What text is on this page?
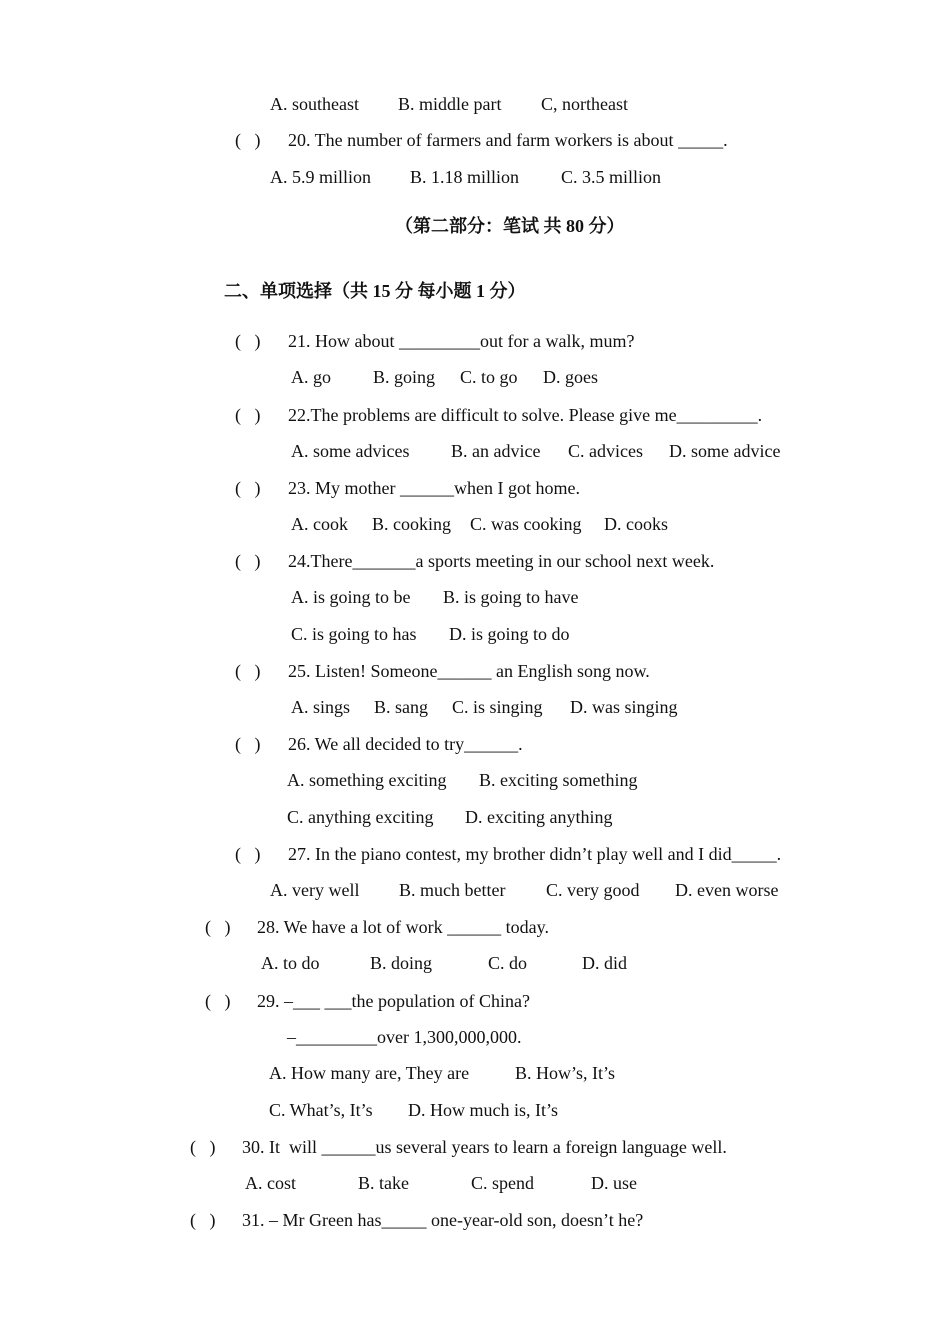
A. southeast B. middle part C, northeast
(   ) 20. The number of farmers and farm workers is about _____.
A. 5.9 million B. 1.18 million C. 3.5 million
（第二部分：笔试 共 80 分）
二、单项选择（共 15 分 每小题 1 分）
(   ) 21. How about _________out for a walk, mum?
A. go B. going C. to go D. goes
(   ) 22.The problems are difficult to solve. Please give me_________.
A. some advices B. an advice C. advices D. some advice
(   ) 23. My mother ______when I got home.
A. cook B. cooking C. was cooking D. cooks
(   ) 24.There_______a sports meeting in our school next week.
A. is going to be B. is going to have
C. is going to has D. is going to do
(   ) 25. Listen! Someone______ an English song now.
A. sings B. sang C. is singing D. was singing
(   ) 26. We all decided to try______.
A. something exciting B. exciting something
C. anything exciting D. exciting anything
(   ) 27. In the piano contest, my brother didn’t play well and I did_____.
A. very well B. much better C. very good D. even worse
(   ) 28. We have a lot of work ______ today.
A. to do	B. doing	C. do	D. did
(   ) 29. –___ ___the population of China?
–_________over 1,300,000,000.
A. How many are, They are	B. How’s, It’s
C. What’s, It’s D. How much is, It’s
(   ) 30. It  will ______us several years to learn a foreign language well.
A. cost	B. take	C. spend	D. use
(   ) 31. – Mr Green has_____ one-year-old son, doesn’t he?
